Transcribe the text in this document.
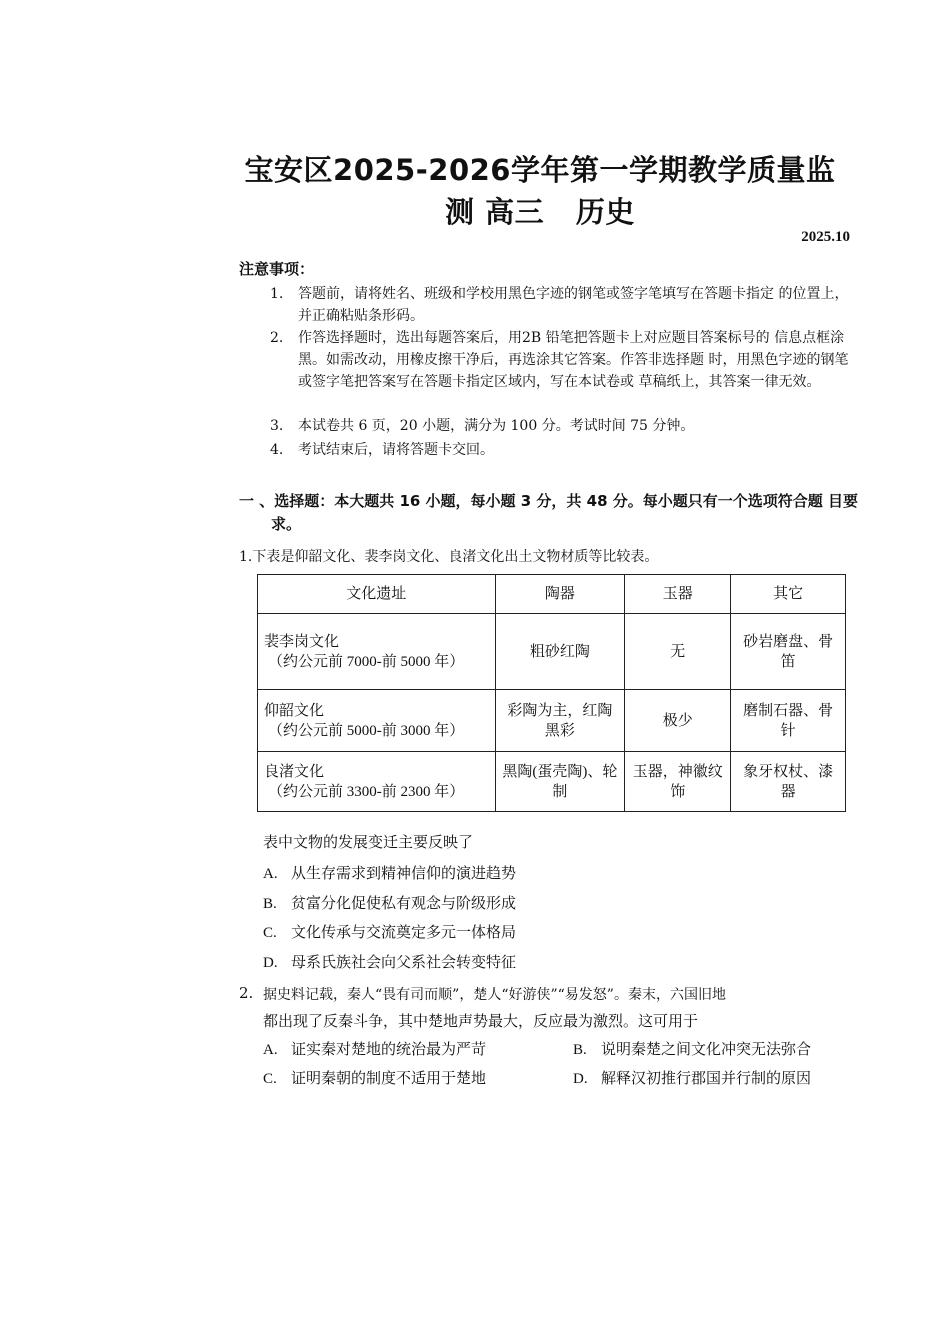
宝安区2025-2026学年第一学期教学质量监
测 高三   历史
2025.10
注意事项：
1.	答题前，请将姓名、班级和学校用黑色字迹的钢笔或签字笔填写在答题卡指定 的位置上，并正确粘贴条形码。
2.	作答选择题时，选出每题答案后，用2B 铅笔把答题卡上对应题目答案标号的 信息点框涂黑。如需改动，用橡皮擦干净后，再选涂其它答案。作答非选择题 时，用黑色字迹的钢笔或签字笔把答案写在答题卡指定区域内，写在本试卷或 草稿纸上，其答案一律无效。
3.	本试卷共 6 页，20 小题，满分为 100 分。考试时间 75 分钟。
4.	考试结束后，请将答题卡交回。
一 、选择题：本大题共 16 小题，每小题 3 分，共 48 分。每小题只有一个选项符合题 目要求。
1.下表是仰韶文化、裴李岗文化、良渚文化出土文物材质等比较表。
文化遗址	陶器	玉器	其它

裴李岗文化
（约公元前 7000-前 5000 年）	粗砂红陶	无	砂岩磨盘、骨笛

仰韶文化
（约公元前 5000-前 3000 年）	彩陶为主，红陶黑彩	极少	磨制石器、骨针

良渚文化
（约公元前 3300-前 2300 年）	黑陶(蛋壳陶)、轮制	玉器，神徽纹饰	象牙权杖、漆器
表中文物的发展变迁主要反映了
A. 从生存需求到精神信仰的演进趋势
B. 贫富分化促使私有观念与阶级形成
C. 文化传承与交流奠定多元一体格局
D. 母系氏族社会向父系社会转变特征
2. 据史料记载，秦人“畏有司而顺”，楚人“好游侠”“易发怒”。秦末，六国旧地
都出现了反秦斗争，其中楚地声势最大，反应最为激烈。这可用于
A. 证实秦对楚地的统治最为严苛	B. 说明秦楚之间文化冲突无法弥合
C. 证明秦朝的制度不适用于楚地	D. 解释汉初推行郡国并行制的原因
